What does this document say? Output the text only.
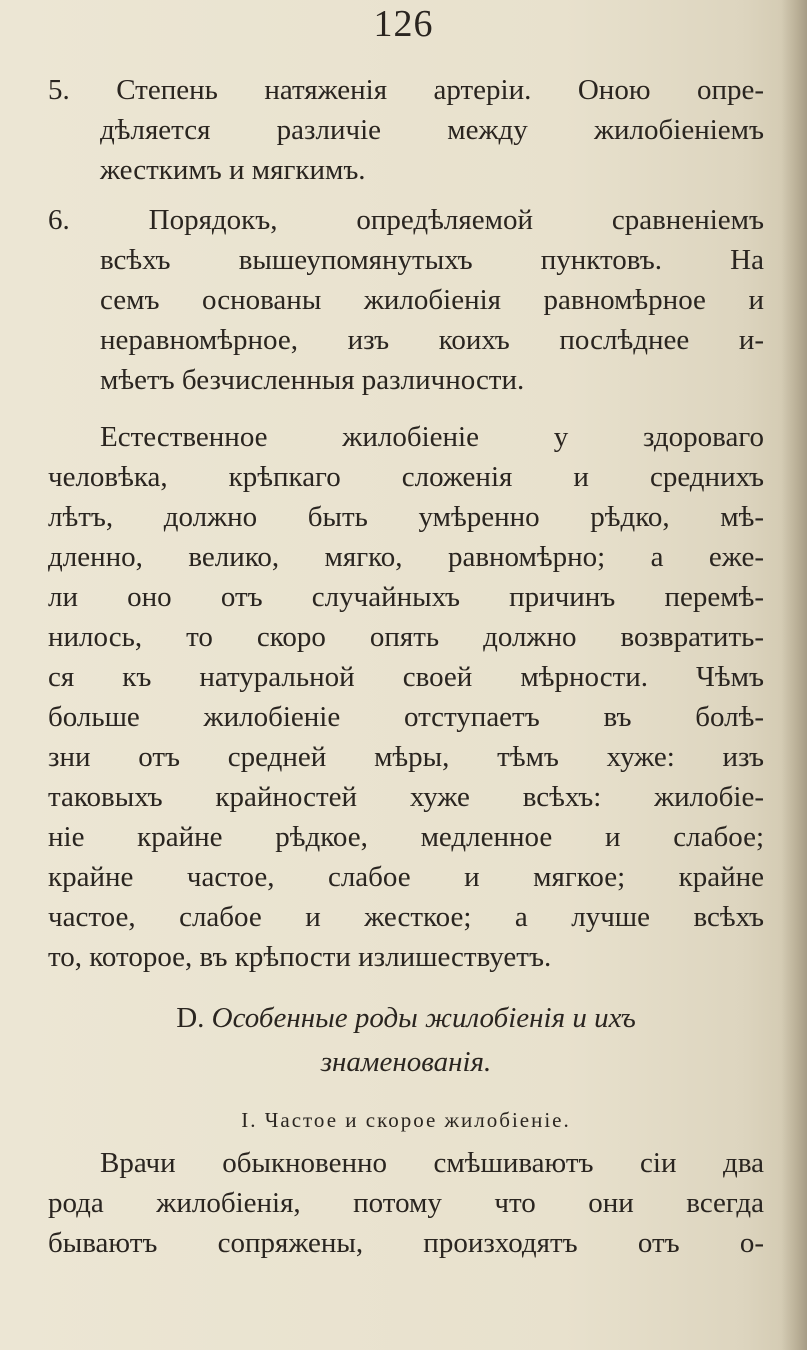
126
5. Степень натяженія артеріи. Оною опре-
дѣляется различіе между жилобіеніемъ
жесткимъ и мягкимъ.
6. Порядокъ, опредѣляемой сравненіемъ
всѣхъ вышеупомянутыхъ пунктовъ. На
семъ основаны жилобіенія равномѣрное и
неравномѣрное, изъ коихъ послѣднее и-
мѣетъ безчисленныя различности.
Естественное жилобіеніе у здороваго
человѣка, крѣпкаго сложенія и среднихъ
лѣтъ, должно быть умѣренно рѣдко, мѣ-
дленно, велико, мягко, равномѣрно; а еже-
ли оно отъ случайныхъ причинъ перемѣ-
нилось, то скоро опять должно возвратить-
ся къ натуральной своей мѣрности. Чѣмъ
больше жилобіеніе отступаетъ въ болѣ-
зни отъ средней мѣры, тѣмъ хуже: изъ
таковыхъ крайностей хуже всѣхъ: жилобіе-
ніе крайне рѣдкое, медленное и слабое;
крайне частое, слабое и мягкое; крайне
частое, слабое и жесткое; а лучше всѣхъ
то, которое, въ крѣпости излишествуетъ.
D. Особенные роды жилобіенія и ихъ
знаменованія.
I. Частое и скорое жилобіеніе.
Врачи обыкновенно смѣшиваютъ сіи два
рода жилобіенія, потому что они всегда
бываютъ сопряжены, произходятъ отъ о-
